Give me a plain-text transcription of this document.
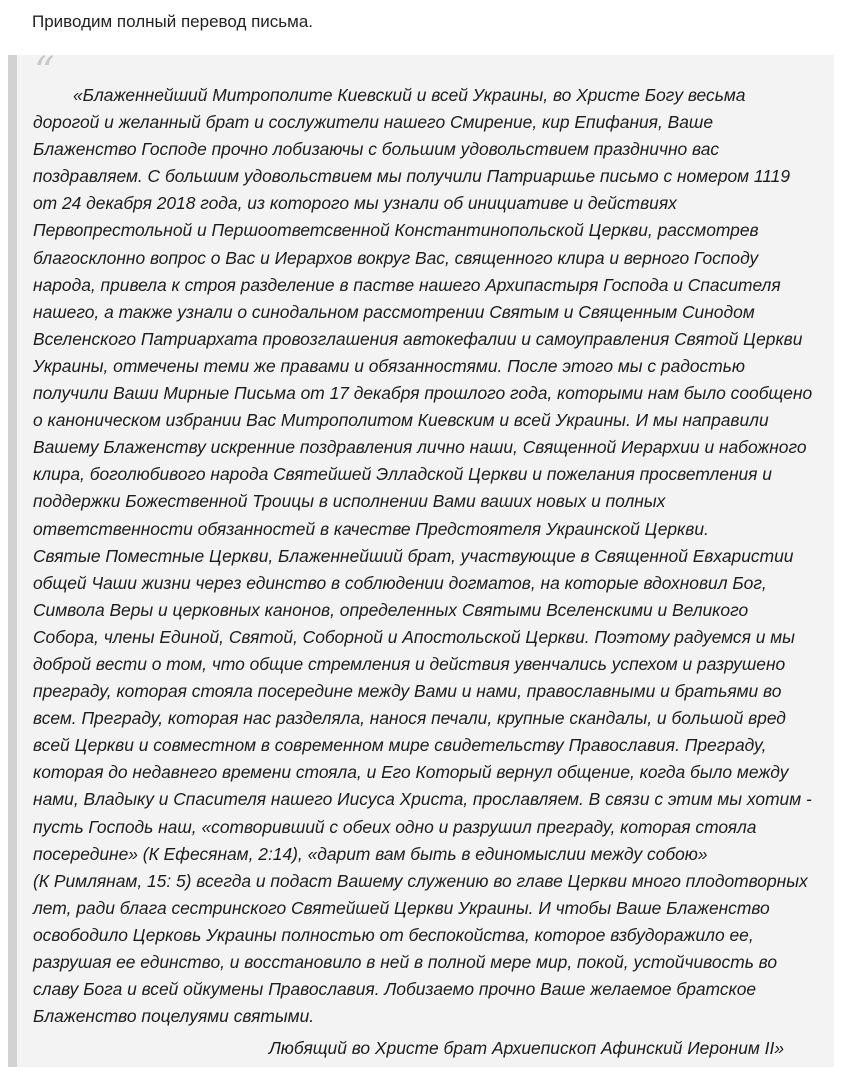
Приводим полный перевод письма.
“	«Блаженнейший Митрополите Киевский и всей Украины, во Христе Богу весьма дорогой и желанный брат и сослужители нашего Смирение, кир Епифания, Ваше Блаженство Господе прочно лобизаючы с большим удовольствием празднично вас поздравляем. С большим удовольствием мы получили Патриаршье письмо с номером 1119 от 24 декабря 2018 года, из которого мы узнали об инициативе и действиях Первопрестольной и Першоответсвенной Константинопольской Церкви, рассмотрев благосклонно вопрос о Вас и Иерархов вокруг Вас, священного клира и верного Господу народа, привела к строя разделение в пастве нашего Архипастыря Господа и Спасителя нашего, а также узнали о синодальном рассмотрении Святым и Священным Синодом Вселенского Патриархата провозглашения автокефалии и самоуправления Святой Церкви Украины, отмечены теми же правами и обязанностями. После этого мы с радостью получили Ваши Мирные Письма от 17 декабря прошлого года, которыми нам было сообщено о каноническом избрании Вас Митрополитом Киевским и всей Украины. И мы направили Вашему Блаженству искренние поздравления лично наши, Священной Иерархии и набожного клира, боголюбивого народа Святейшей Элладской Церкви и пожелания просветления и поддержки Божественной Троицы в исполнении Вами ваших новых и полных ответственности обязанностей в качестве Предстоятеля Украинской Церкви.

Святые Поместные Церкви, Блаженнейший брат, участвующие в Священной Евхаристии общей Чаши жизни через единство в соблюдении догматов, на которые вдохновил Бог, Символа Веры и церковных канонов, определенных Святыми Вселенскими и Великого Собора, члены Единой, Святой, Соборной и Апостольской Церкви. Поэтому радуемся и мы доброй вести о том, что общие стремления и действия увенчались успехом и разрушено преграду, которая стояла посередине между Вами и нами, православными и братьями во всем. Преграду, которая нас разделяла, нанося печали, крупные скандалы, и большой вред всей Церкви и совместном в современном мире свидетельству Православия. Преграду, которая до недавнего времени стояла, и Его Который вернул общение, когда было между нами, Владыку и Спасителя нашего Иисуса Христа, прославляем. В связи с этим мы хотим - пусть Господь наш, «сотворивший с обеих одно и разрушил преграду, которая стояла посередине» (К Ефесянам, 2:14), «дарит вам быть в единомыслии между собою»

(К Римлянам, 15: 5) всегда и подаст Вашему служению во главе Церкви много плодотворных лет, ради блага сестринского Святейшей Церкви Украины. И чтобы Ваше Блаженство освободило Церковь Украины полностью от беспокойства, которое взбудоражило ее, разрушая ее единство, и восстановило в ней в полной мере мир, покой, устойчивость во славу Бога и всей ойкумены Православия. Лобизаемо прочно Ваше желаемое братское Блаженство поцелуями святыми.

Любящий во Христе брат Архиепископ Афинский Иероним II»
